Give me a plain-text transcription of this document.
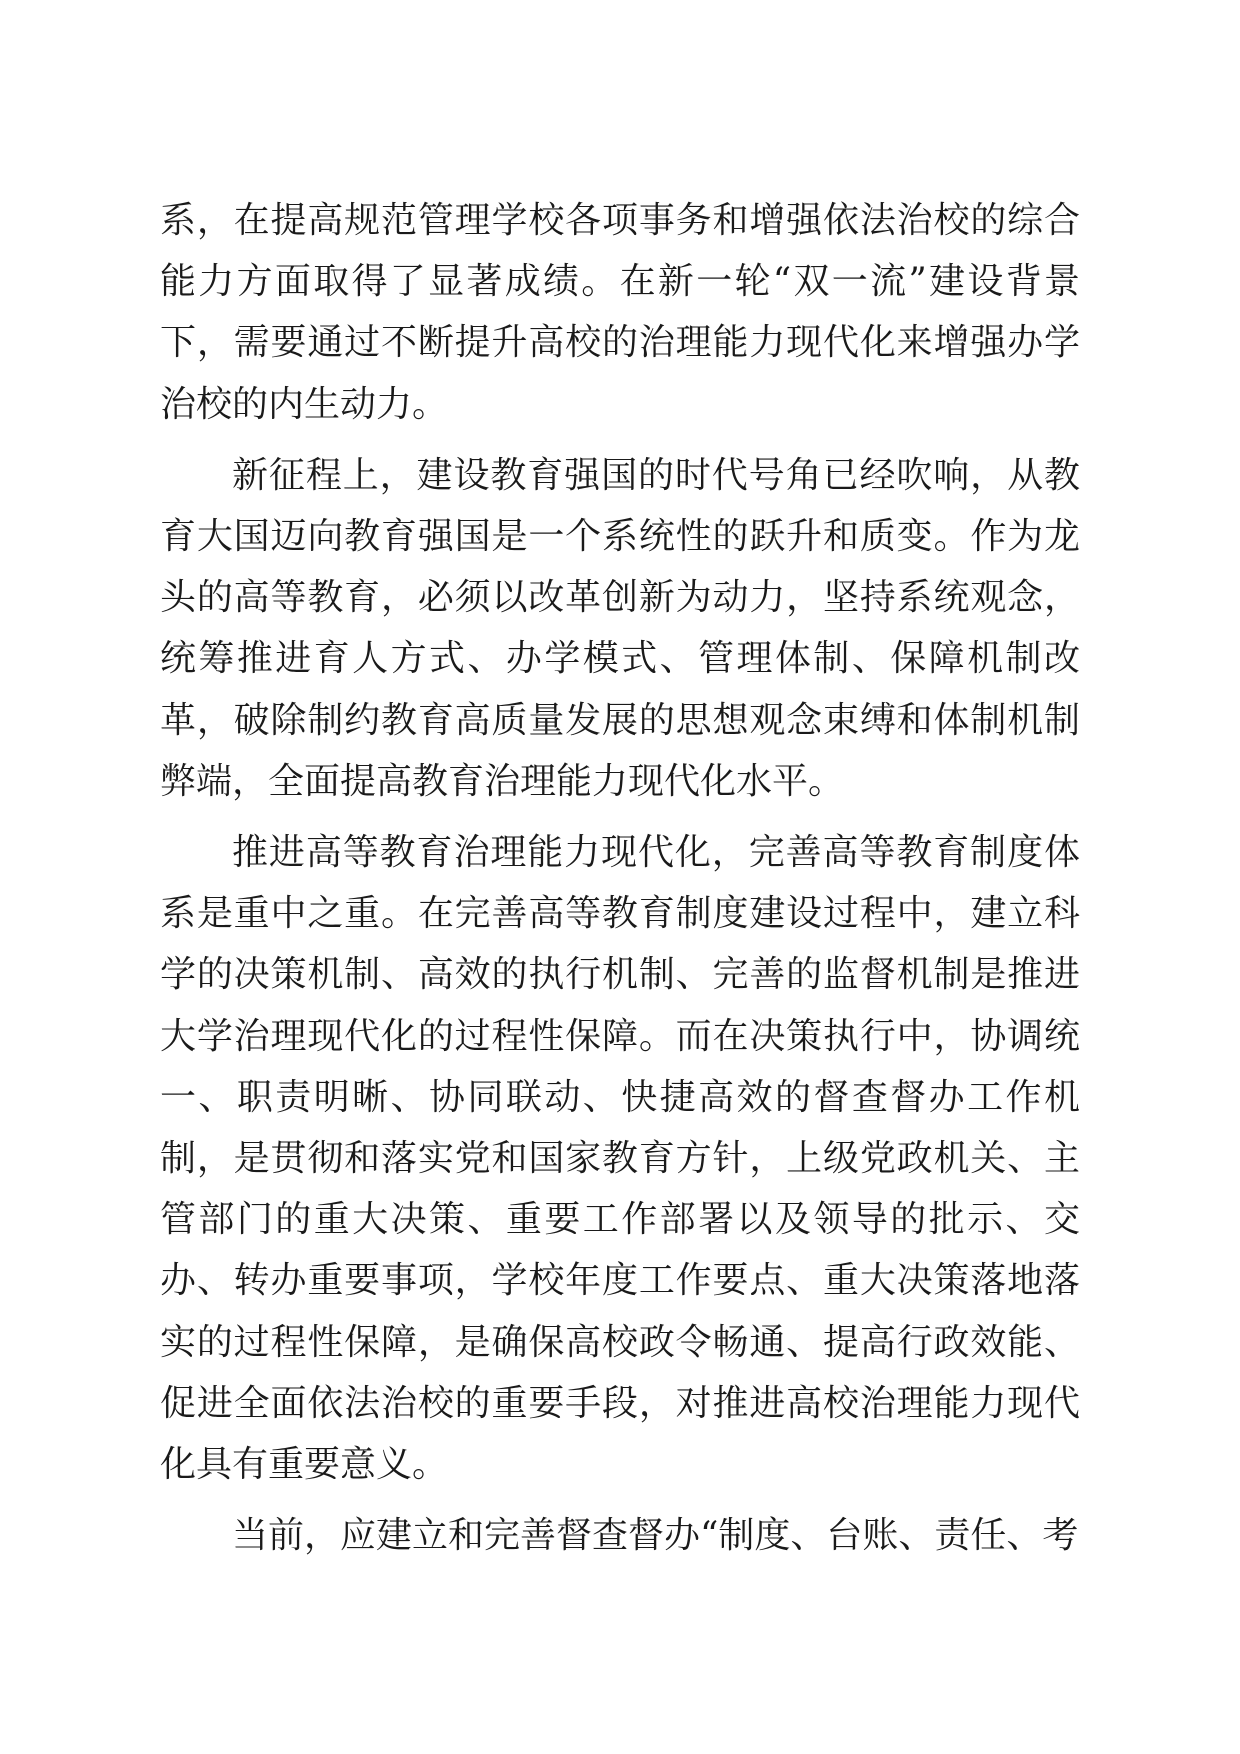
系，在提高规范管理学校各项事务和增强依法治校的综合能力方面取得了显著成绩。在新一轮“双一流”建设背景下，需要通过不断提升高校的治理能力现代化来增强办学治校的内生动力。

新征程上，建设教育强国的时代号角已经吹响，从教育大国迈向教育强国是一个系统性的跃升和质变。作为龙头的高等教育，必须以改革创新为动力，坚持系统观念，统筹推进育人方式、办学模式、管理体制、保障机制改革，破除制约教育高质量发展的思想观念束缚和体制机制弊端，全面提高教育治理能力现代化水平。

推进高等教育治理能力现代化，完善高等教育制度体系是重中之重。在完善高等教育制度建设过程中，建立科学的决策机制、高效的执行机制、完善的监督机制是推进大学治理现代化的过程性保障。而在决策执行中，协调统一、职责明晰、协同联动、快捷高效的督查督办工作机制，是贯彻和落实党和国家教育方针，上级党政机关、主管部门的重大决策、重要工作部署以及领导的批示、交办、转办重要事项，学校年度工作要点、重大决策落地落实的过程性保障，是确保高校政令畅通、提高行政效能、促进全面依法治校的重要手段，对推进高校治理能力现代化具有重要意义。

当前，应建立和完善督查督办“制度、台账、责任、考
